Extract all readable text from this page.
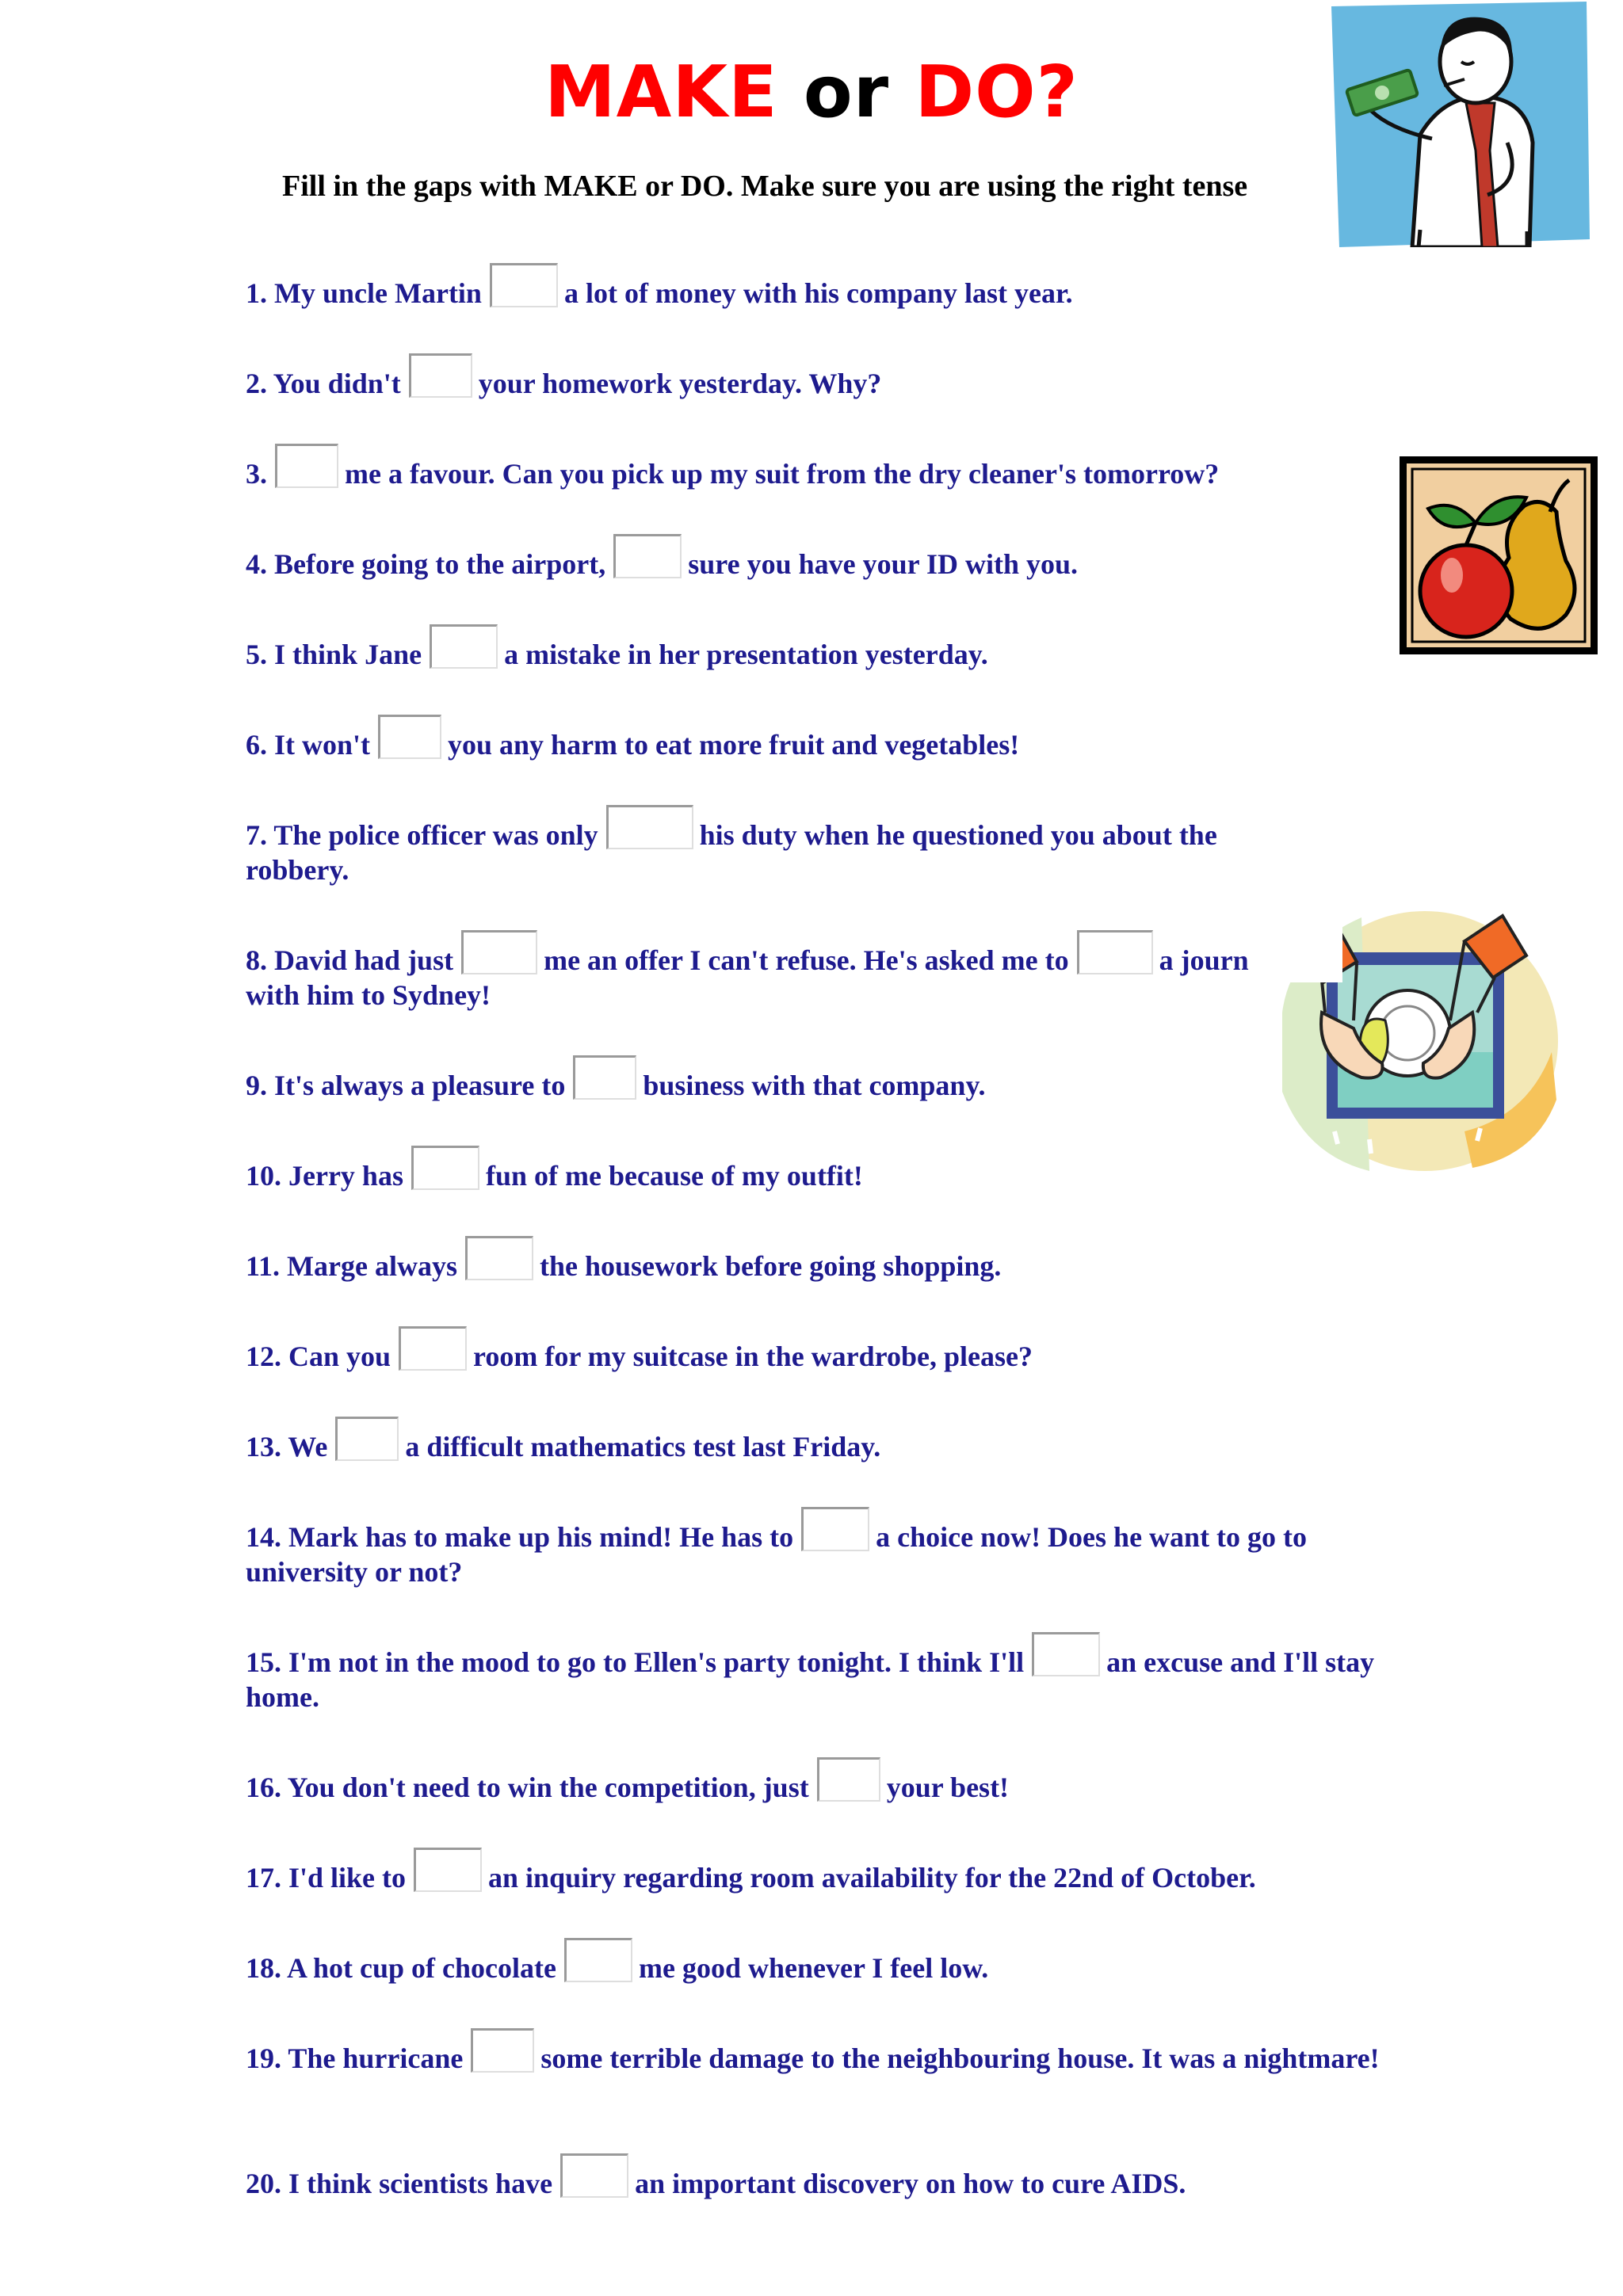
MAKE or DO?

Fill in the gaps with MAKE or DO. Make sure you are using the right tense

1. My uncle Martin	a lot of money with his company last year.

2. You didn't	your homework yesterday. Why?

3.	me a favour. Can you pick up my suit from the dry cleaner's tomorrow?

4. Before going to the airport,	sure you have your ID with you.

5. I think Jane	a mistake in her presentation yesterday.

6. It won't	you any harm to eat more fruit and vegetables!

7. The police officer was only	his duty when he questioned you about the robbery.

8. David had just	me an offer I can't refuse. He's asked me to	a journ
with him to Sydney!

9. It's always a pleasure to	business with that company.

10. Jerry has	fun of me because of my outfit!

11. Marge always	the housework before going shopping.

12. Can you	room for my suitcase in the wardrobe, please?

13. We	a difficult mathematics test last Friday.

14. Mark has to make up his mind! He has to	a choice now! Does he want to go to university or not?

15. I'm not in the mood to go to Ellen's party tonight. I think I'll	an excuse and I'll stay home.

16. You don't need to win the competition, just	your best!

17. I'd like to	an inquiry regarding room availability for the 22nd of October.

18. A hot cup of chocolate	me good whenever I feel low.

19. The hurricane	some terrible damage to the neighbouring house. It was a nightmare!

20. I think scientists have	an important discovery on how to cure AIDS.
